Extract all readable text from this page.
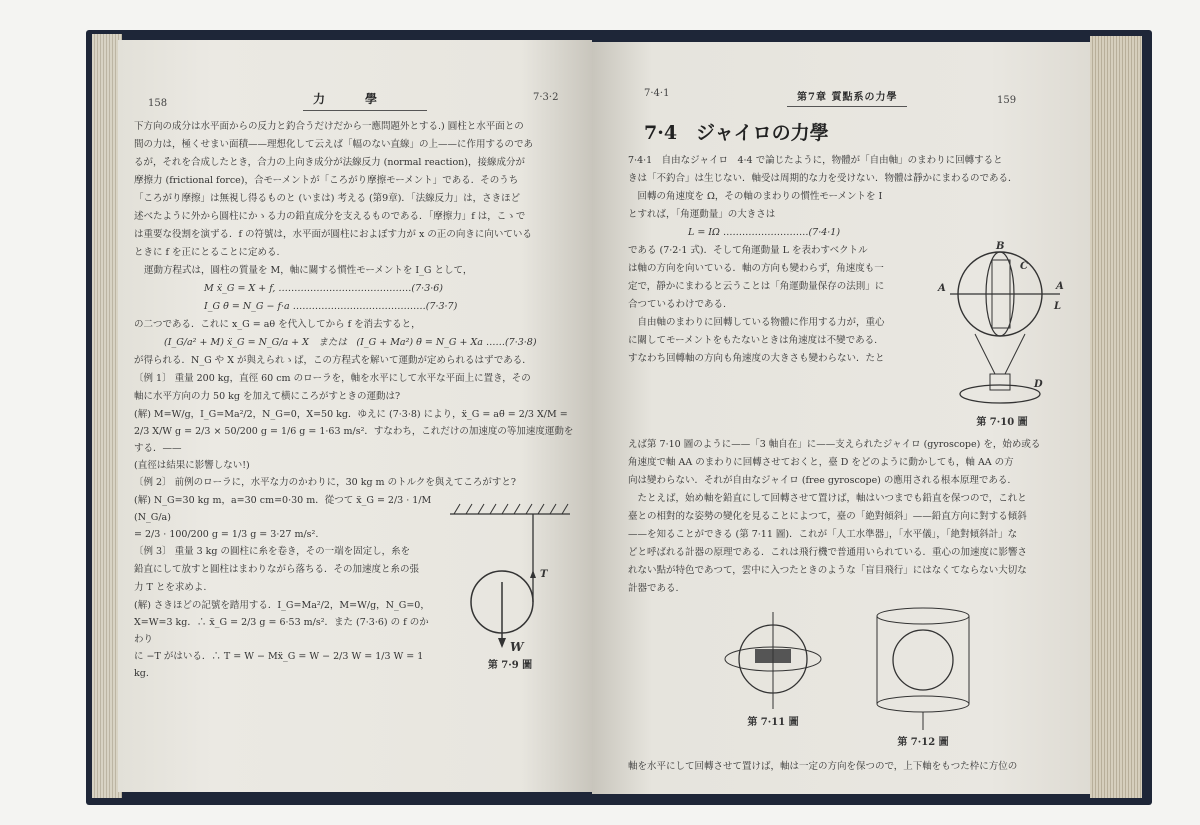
158	力學	7·3·2
下方向の成分は水平面からの反力と釣合うだけだから一應問題外とする.) 圓柱と水平面との
間の力は，極くせまい面積——理想化して云えば「幅のない直線」の上——に作用するのであ
るが，それを合成したとき，合力の上向き成分が法線反力 (normal reaction)，接線成分が
摩擦力 (frictional force)，合モーメントが「ころがり摩擦モーメント」である．そのうち
「ころがり摩擦」は無視し得るものと (いまは) 考える (第9章)．「法線反力」は，さきほど
述べたように外から圓柱にかゝる力の鉛直成分を支えるものである．「摩擦力」f は，こゝで
は重要な役割を演ずる．f の符號は，水平面が圓柱におよぼす力が x の正の向きに向いている
ときに f を正にとることに定める.
運動方程式は，圓柱の質量を M，軸に關する慣性モーメントを I_G として，
M ẍ_G = X + f, ……………………………………(7·3·6)
I_G θ̈ = N_G − f·a ……………………………………(7·3·7)
の二つである．これに x_G = aθ を代入してから f を消去すると，
(I_G/a² + M) ẍ_G = N_G/a + X　または　(I_G + Ma²) θ̈ = N_G + Xa ……(7·3·8)
が得られる．N_G や X が與えられゝば，この方程式を解いて運動が定められるはずである．
〔例 1〕 重量 200 kg，直徑 60 cm のローラを，軸を水平にして水平な平面上に置き，その
軸に水平方向の力 50 kg を加えて横にころがすときの運動は?
(解) M=W/g，I_G=Ma²/2，N_G=0，X=50 kg．ゆえに (7·3·8) により，ẍ_G = aθ̈ = 2/3 X/M =
2/3 X/W g = 2/3 × 50/200 g = 1/6 g = 1·63 m/s²．すなわち，これだけの加速度の等加速度運動をする．——
(直徑は結果に影響しない!)
〔例 2〕 前例のローラに，水平な力のかわりに，30 kg m のトルクを與えてころがすと?
T
W
第 7·9 圖
(解) N_G=30 kg m，a=30 cm=0·30 m．從つて ẍ_G = 2/3 · 1/M (N_G/a)
= 2/3 · 100/200 g = 1/3 g = 3·27 m/s².
〔例 3〕 重量 3 kg の圓柱に糸を卷き，その一端を固定し，糸を
鉛直にして放すと圓柱はまわりながら落ちる．その加速度と糸の張
力 T とを求めよ.
(解) さきほどの記號を踏用する．I_G=Ma²/2，M=W/g，N_G=0，
X=W=3 kg．∴ ẍ_G = 2/3 g = 6·53 m/s²．また (7·3·6) の f のかわり
に −T がはいる．∴ T = W − Mẍ_G = W − 2/3 W = 1/3 W = 1 kg.
7·4·1	第7章 質點系の力學	159
7·4　ジャイロの力學
7·4·1　自由なジャイロ　4·4 で論じたように，物體が「自由軸」のまわりに回轉すると
きは「不釣合」は生じない．軸受は周期的な力を受けない．物體は靜かにまわるのである．
　回轉の角速度を Ω，その軸のまわりの慣性モーメントを I
とすれば，「角運動量」の大きさは
A	A
B
C
D
L
第 7·10 圖
L = IΩ ………………………(7·4·1)
である (7·2·1 式)．そして角運動量 L を表わすベクトル
は軸の方向を向いている．軸の方向も變わらず，角速度も一
定で，靜かにまわると云うことは「角運動量保存の法則」に
合つているわけである.
　自由軸のまわりに回轉している物體に作用する力が，重心
に關してモーメントをもたないときは角速度は不變である.
すなわち回轉軸の方向も角速度の大きさも變わらない．たと
えば第 7·10 圖のように——「3 軸自在」に——支えられたジャイロ (gyroscope) を，始め或る
角速度で軸 AA のまわりに回轉させておくと，臺 D をどのように動かしても，軸 AA の方
向は變わらない．それが自由なジャイロ (free gyroscope) の應用される根本原理である.
　たとえば，始め軸を鉛直にして回轉させて置けば，軸はいつまでも鉛直を保つので，これと
臺との相對的な姿勢の變化を見ることによつて，臺の「絶對傾斜」——鉛直方向に對する傾斜
——を知ることができる (第 7·11 圖)．これが「人工水準器」，「水平儀」，「絶對傾斜計」な
どと呼ばれる計器の原理である．これは飛行機で普通用いられている．重心の加速度に影響さ
れない點が特色であつて，雲中に入つたときのような「盲目飛行」にはなくてならない大切な
計器である.
第 7·11 圖
第 7·12 圖
軸を水平にして回轉させて置けば，軸は一定の方向を保つので，上下軸をもつた枠に方位の
